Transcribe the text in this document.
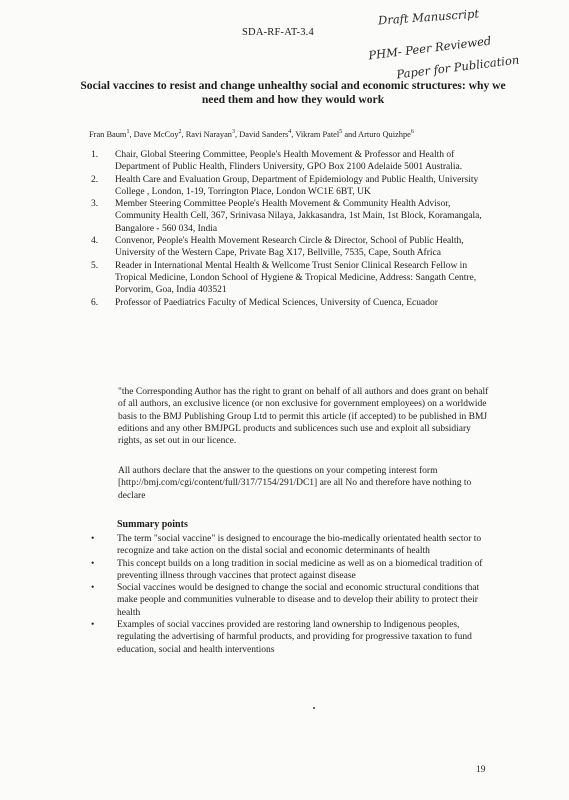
SDA-RF-AT-3.4
Draft Manuscript
PHM- Peer Reviewed
Paper for Publication
Social vaccines to resist and change unhealthy social and economic structures: why we need them and how they would work
Fran Baum$^1$, Dave McCoy$^2$, Ravi Narayan$^3$, David Sanders$^4$, Vikram Patel$^5$ and Arturo Quizhpe$^6$
1. Chair, Global Steering Committee, People's Health Movement & Professor and Health of Department of Public Health, Flinders University, GPO Box 2100 Adelaide 5001 Australia.
2. Health Care and Evaluation Group, Department of Epidemiology and Public Health, University College , London, 1-19, Torrington Place, London WC1E 6BT, UK
3. Member Steering Committee People's Health Movement & Community Health Advisor, Community Health Cell, 367, Srinivasa Nilaya, Jakkasandra, 1st Main, 1st Block, Koramangala, Bangalore - 560 034, India
4. Convenor, People's Health Movement Research Circle & Director, School of Public Health, University of the Western Cape, Private Bag X17, Bellville, 7535, Cape, South Africa
5. Reader in International Mental Health & Wellcome Trust Senior Clinical Research Fellow in Tropical Medicine, London School of Hygiene & Tropical Medicine, Address: Sangath Centre, Porvorim, Goa, India 403521
6. Professor of Paediatrics Faculty of Medical Sciences, University of Cuenca, Ecuador
"the Corresponding Author has the right to grant on behalf of all authors and does grant on behalf of all authors, an exclusive licence (or non exclusive for government employees) on a worldwide basis to the BMJ Publishing Group Ltd to permit this article (if accepted) to be published in BMJ editions and any other BMJPGL products and sublicences such use and exploit all subsidiary rights, as set out in our licence.
All authors declare that the answer to the questions on your competing interest form [http://bmj.com/cgi/content/full/317/7154/291/DC1] are all No and therefore have nothing to declare
Summary points
• The term "social vaccine" is designed to encourage the bio-medically orientated health sector to recognize and take action on the distal social and economic determinants of health
• This concept builds on a long tradition in social medicine as well as on a biomedical tradition of preventing illness through vaccines that protect against disease
• Social vaccines would be designed to change the social and economic structural conditions that make people and communities vulnerable to disease and to develop their ability to protect their health
• Examples of social vaccines provided are restoring land ownership to Indigenous peoples, regulating the advertising of harmful products, and providing for progressive taxation to fund education, social and health interventions
19
